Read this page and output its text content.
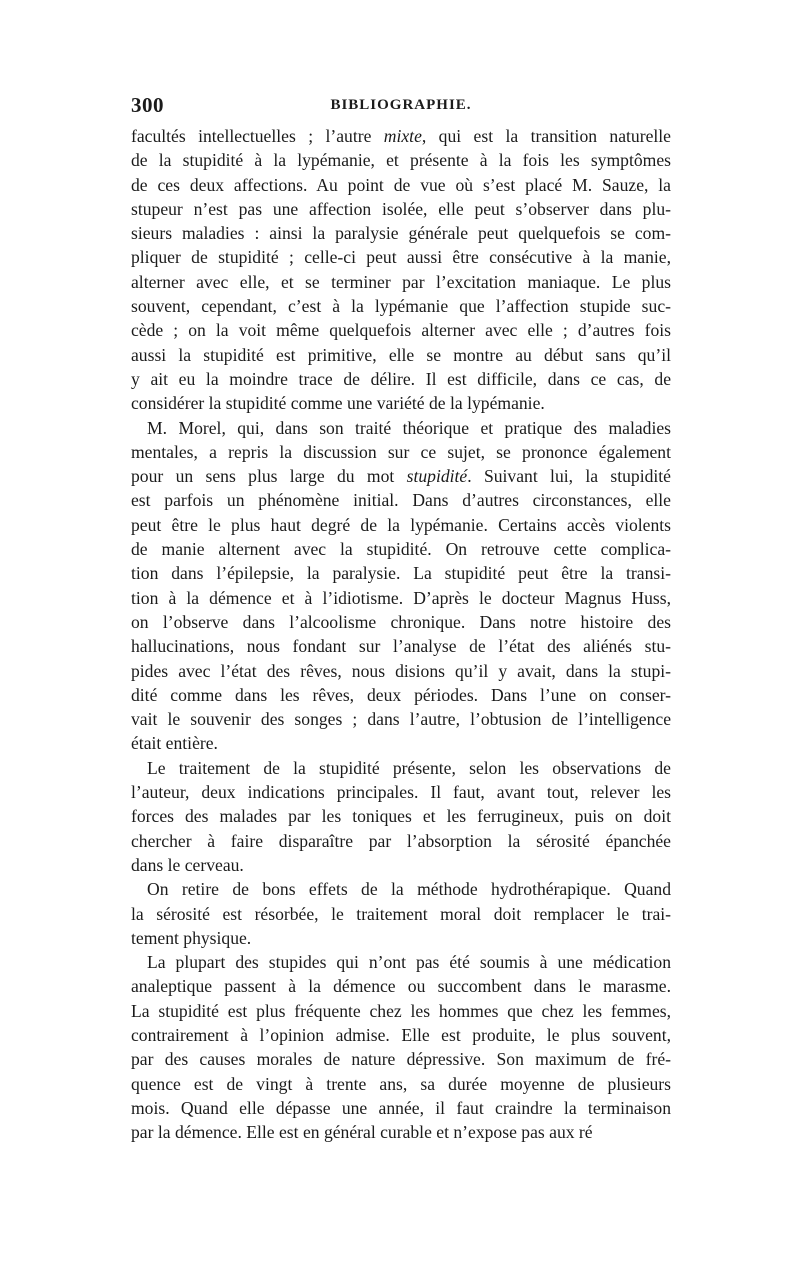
300	BIBLIOGRAPHIE.
facultés intellectuelles ; l’autre mixte, qui est la transition naturelle
de la stupidité à la lypémanie, et présente à la fois les symptômes
de ces deux affections. Au point de vue où s’est placé M. Sauze, la
stupeur n’est pas une affection isolée, elle peut s’observer dans plu-
sieurs maladies : ainsi la paralysie générale peut quelquefois se com-
pliquer de stupidité ; celle-ci peut aussi être consécutive à la manie,
alterner avec elle, et se terminer par l’excitation maniaque. Le plus
souvent, cependant, c’est à la lypémanie que l’affection stupide suc-
cède ; on la voit même quelquefois alterner avec elle ; d’autres fois
aussi la stupidité est primitive, elle se montre au début sans qu’il
y ait eu la moindre trace de délire. Il est difficile, dans ce cas, de
considérer la stupidité comme une variété de la lypémanie.
M. Morel, qui, dans son traité théorique et pratique des maladies
mentales, a repris la discussion sur ce sujet, se prononce également
pour un sens plus large du mot stupidité. Suivant lui, la stupidité
est parfois un phénomène initial. Dans d’autres circonstances, elle
peut être le plus haut degré de la lypémanie. Certains accès violents
de manie alternent avec la stupidité. On retrouve cette complica-
tion dans l’épilepsie, la paralysie. La stupidité peut être la transi-
tion à la démence et à l’idiotisme. D’après le docteur Magnus Huss,
on l’observe dans l’alcoolisme chronique. Dans notre histoire des
hallucinations, nous fondant sur l’analyse de l’état des aliénés stu-
pides avec l’état des rêves, nous disions qu’il y avait, dans la stupi-
dité comme dans les rêves, deux périodes. Dans l’une on conser-
vait le souvenir des songes ; dans l’autre, l’obtusion de l’intelligence
était entière.
Le traitement de la stupidité présente, selon les observations de
l’auteur, deux indications principales. Il faut, avant tout, relever les
forces des malades par les toniques et les ferrugineux, puis on doit
chercher à faire disparaître par l’absorption la sérosité épanchée
dans le cerveau.
On retire de bons effets de la méthode hydrothérapique. Quand
la sérosité est résorbée, le traitement moral doit remplacer le trai-
tement physique.
La plupart des stupides qui n’ont pas été soumis à une médication
analeptique passent à la démence ou succombent dans le marasme.
La stupidité est plus fréquente chez les hommes que chez les femmes,
contrairement à l’opinion admise. Elle est produite, le plus souvent,
par des causes morales de nature dépressive. Son maximum de fré-
quence est de vingt à trente ans, sa durée moyenne de plusieurs
mois. Quand elle dépasse une année, il faut craindre la terminaison
par la démence. Elle est en général curable et n’expose pas aux ré
